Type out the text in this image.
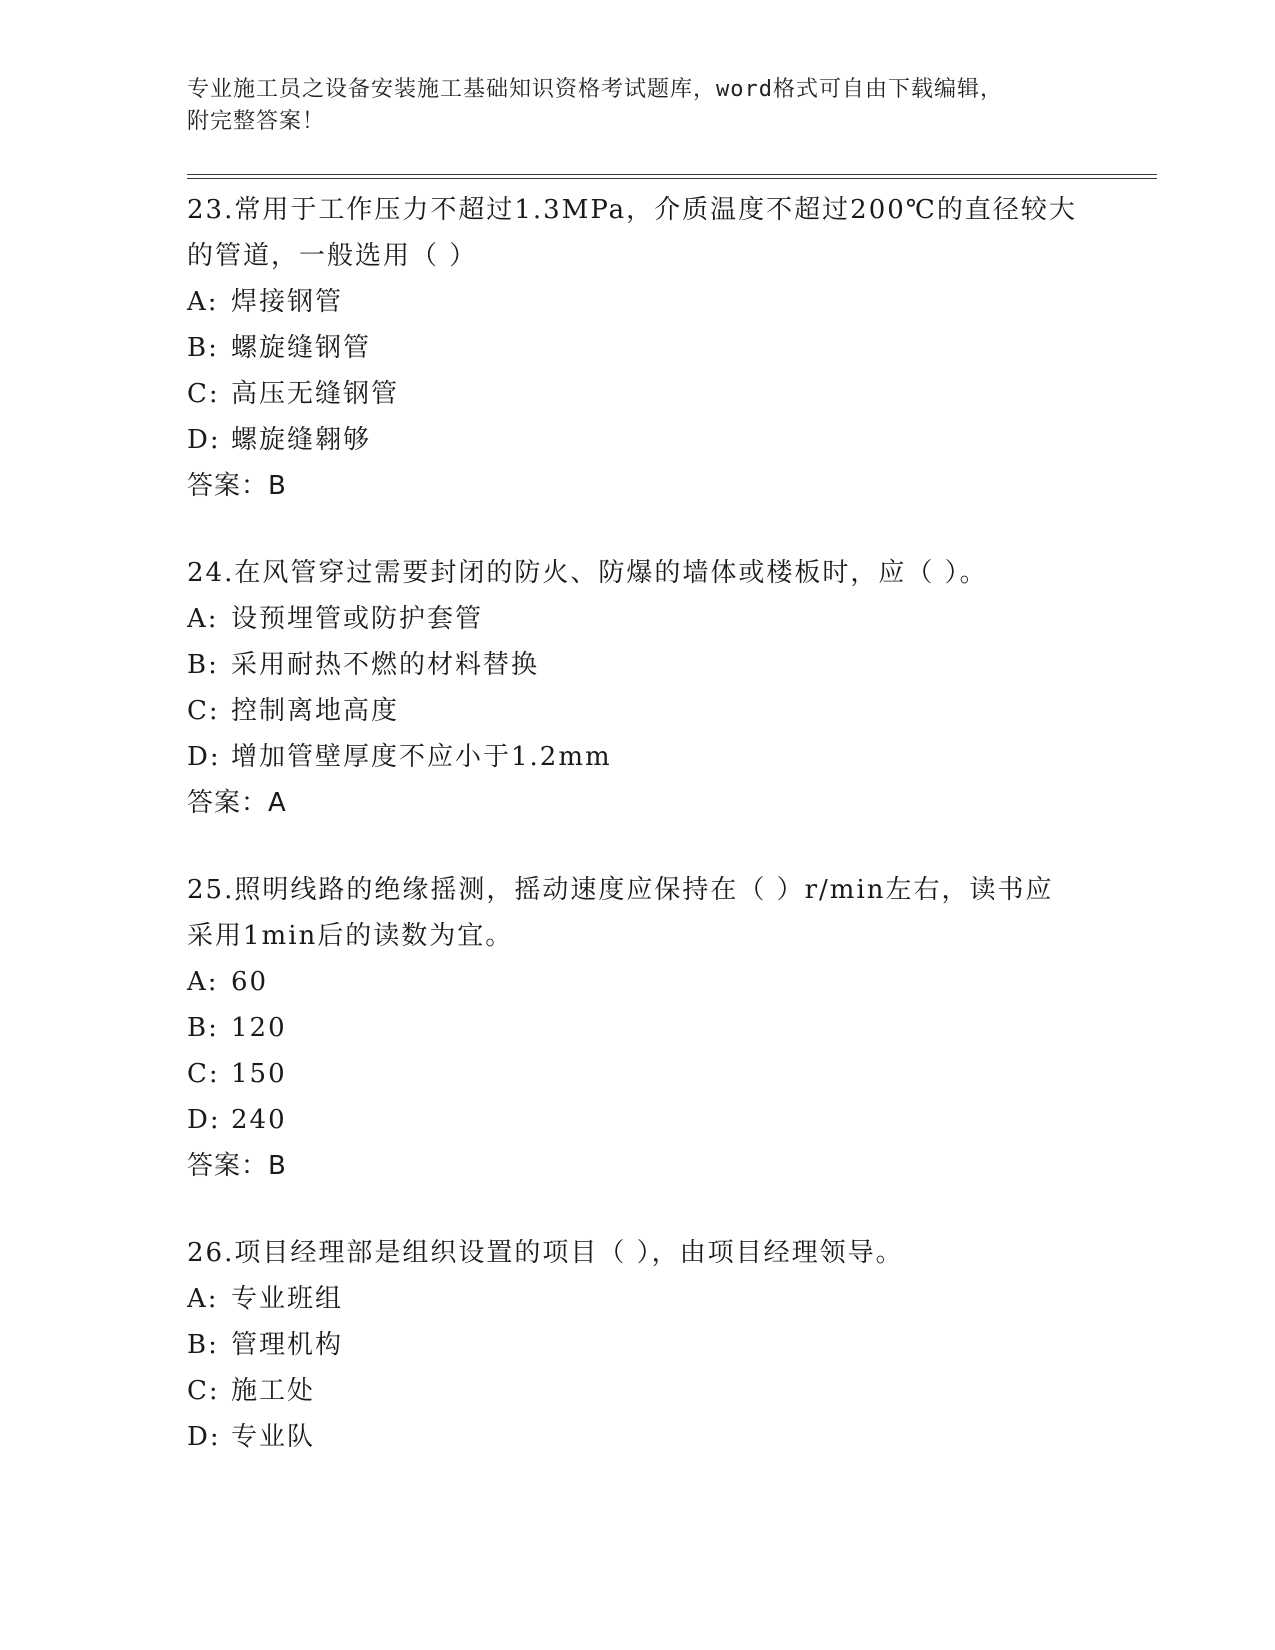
专业施工员之设备安装施工基础知识资格考试题库，word格式可自由下载编辑，
附完整答案！

23.常用于工作压力不超过1.3MPa，介质温度不超过200℃的直径较大
的管道，一般选用（ ）

A: 焊接钢管
B: 螺旋缝钢管
C: 高压无缝钢管
D: 螺旋缝翱够
答案：B

24.在风管穿过需要封闭的防火、防爆的墙体或楼板时，应（ ）。

A: 设预埋管或防护套管
B: 采用耐热不燃的材料替换
C: 控制离地高度
D: 增加管壁厚度不应小于1.2mm
答案：A

25.照明线路的绝缘摇测，摇动速度应保持在（ ）r/min左右，读书应
采用1min后的读数为宜。

A: 60
B: 120
C: 150
D: 240
答案：B

26.项目经理部是组织设置的项目（ ），由项目经理领导。

A: 专业班组
B: 管理机构
C: 施工处
D: 专业队
